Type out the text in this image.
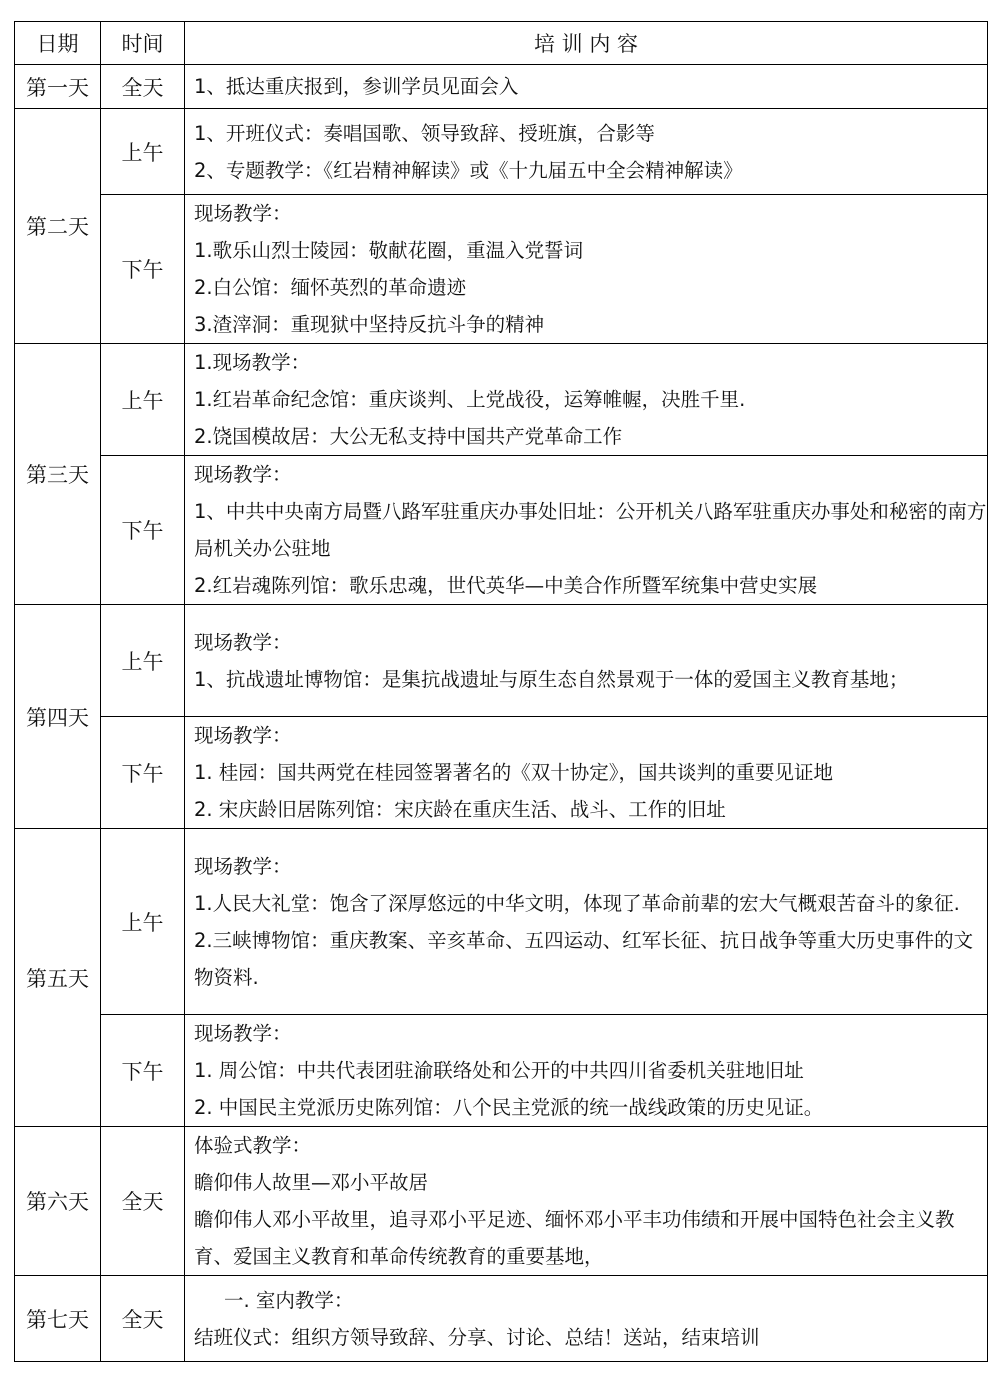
日期	时间	培 训 内 容
第一天	全天	1、抵达重庆报到，参训学员见面会入

第二天	上午	1、开班仪式：奏唱国歌、领导致辞、授班旗，合影等
2、专题教学：《红岩精神解读》或《十九届五中全会精神解读》

	下午	现场教学：
1.歌乐山烈士陵园：敬献花圈，重温入党誓词
2.白公馆：缅怀英烈的革命遗迹
3.渣滓洞：重现狱中坚持反抗斗争的精神

第三天	上午	1.现场教学：
1.红岩革命纪念馆：重庆谈判、上党战役，运筹帷幄，决胜千里.
2.饶国模故居：大公无私支持中国共产党革命工作

	下午	现场教学：
1、中共中央南方局暨八路军驻重庆办事处旧址：公开机关八路军驻重庆办事处和秘密的南方局机关办公驻地
2.红岩魂陈列馆：歌乐忠魂，世代英华—中美合作所暨军统集中营史实展

第四天	上午	现场教学：
1、抗战遗址博物馆：是集抗战遗址与原生态自然景观于一体的爱国主义教育基地；

	下午	现场教学：
1. 桂园：国共两党在桂园签署著名的《双十协定》，国共谈判的重要见证地
2. 宋庆龄旧居陈列馆：宋庆龄在重庆生活、战斗、工作的旧址

第五天	上午	现场教学：
1.人民大礼堂：饱含了深厚悠远的中华文明，体现了革命前辈的宏大气概艰苦奋斗的象征.
2.三峡博物馆：重庆教案、辛亥革命、五四运动、红军长征、抗日战争等重大历史事件的文物资料.

	下午	现场教学：
1. 周公馆：中共代表团驻渝联络处和公开的中共四川省委机关驻地旧址
2. 中国民主党派历史陈列馆：八个民主党派的统一战线政策的历史见证。

第六天	全天	体验式教学：
瞻仰伟人故里—邓小平故居
瞻仰伟人邓小平故里，追寻邓小平足迹、缅怀邓小平丰功伟绩和开展中国特色社会主义教育、爱国主义教育和革命传统教育的重要基地，

第七天	全天	一. 室内教学：
结班仪式：组织方领导致辞、分享、讨论、总结！送站，结束培训
